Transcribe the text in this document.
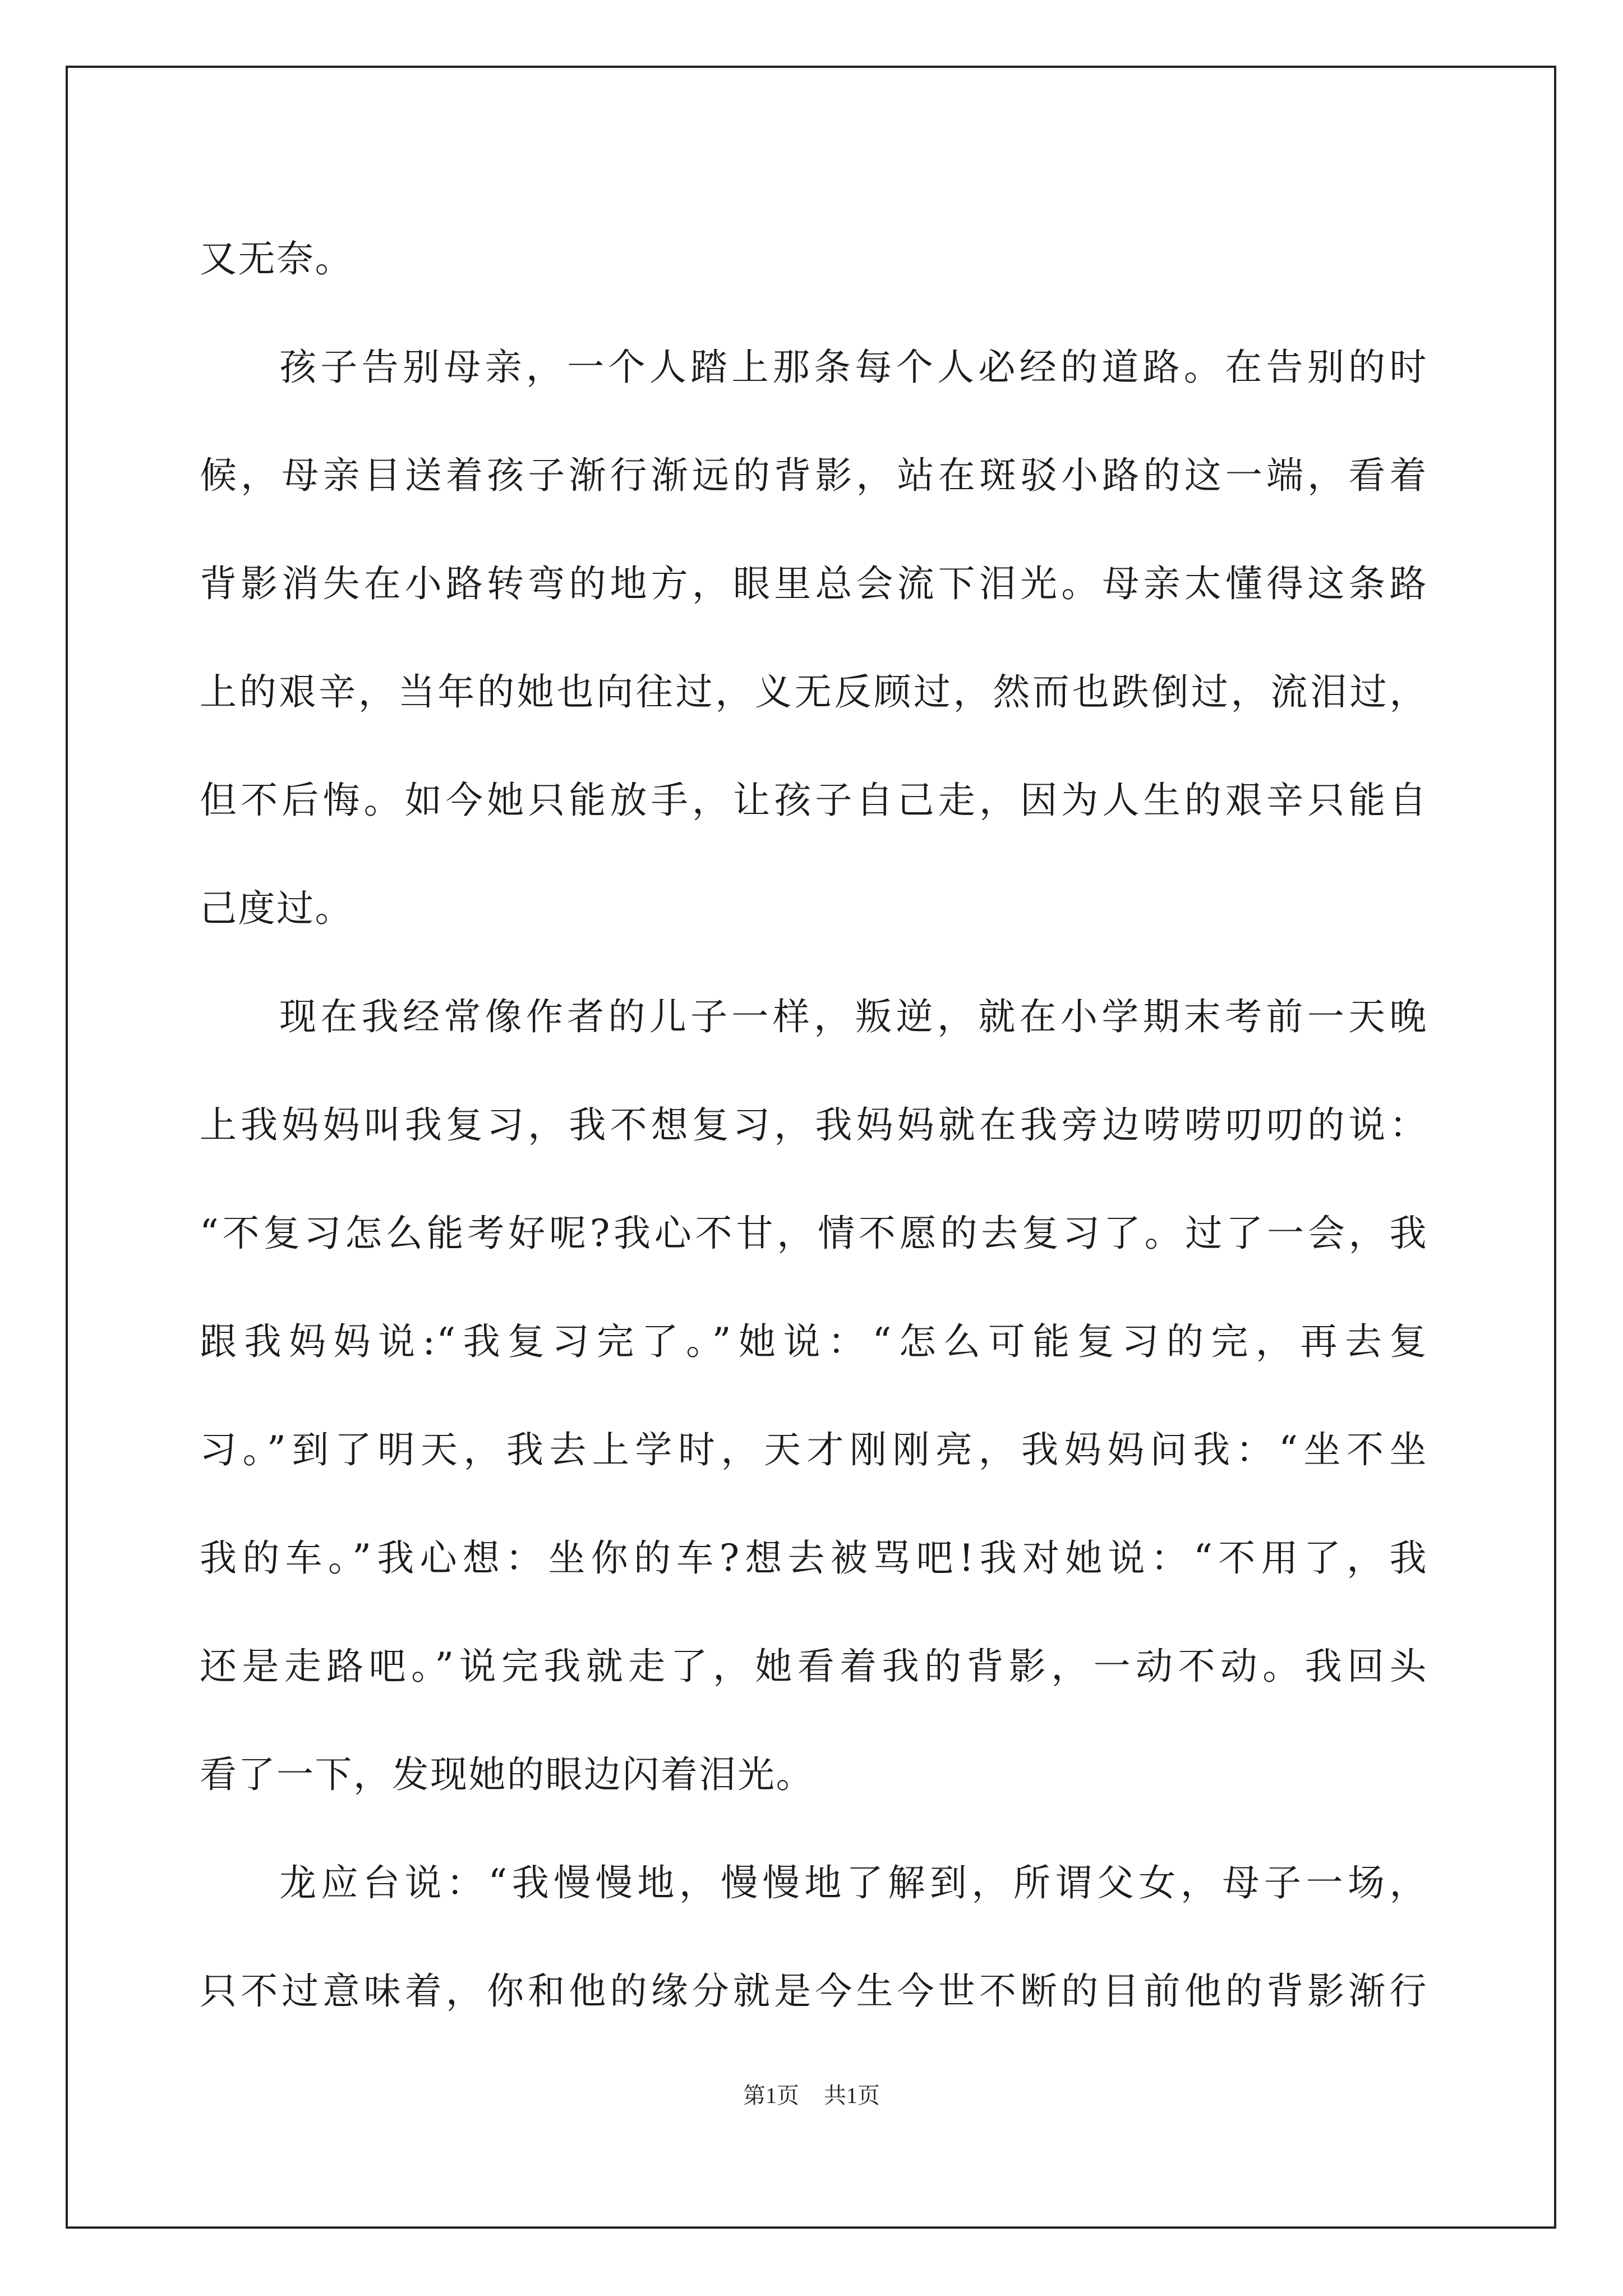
又无奈。
孩子告别母亲，一个人踏上那条每个人必经的道路。在告别的时
候，母亲目送着孩子渐行渐远的背影，站在斑驳小路的这一端，看着
背影消失在小路转弯的地方，眼里总会流下泪光。母亲太懂得这条路
上的艰辛，当年的她也向往过，义无反顾过，然而也跌倒过，流泪过，
但不后悔。如今她只能放手，让孩子自己走，因为人生的艰辛只能自
己度过。
现在我经常像作者的儿子一样，叛逆，就在小学期末考前一天晚
上我妈妈叫我复习，我不想复习，我妈妈就在我旁边唠唠叨叨的说：
“不复习怎么能考好呢?我心不甘，情不愿的去复习了。过了一会，我
跟我妈妈说:“我复习完了。”她说：“怎么可能复习的完，再去复
习。”到了明天，我去上学时，天才刚刚亮，我妈妈问我：“坐不坐
我的车。”我心想：坐你的车?想去被骂吧!我对她说：“不用了，我
还是走路吧。”说完我就走了，她看着我的背影，一动不动。我回头
看了一下，发现她的眼边闪着泪光。
龙应台说：“我慢慢地，慢慢地了解到，所谓父女，母子一场，
只不过意味着，你和他的缘分就是今生今世不断的目前他的背影渐行
第1页 共1页
